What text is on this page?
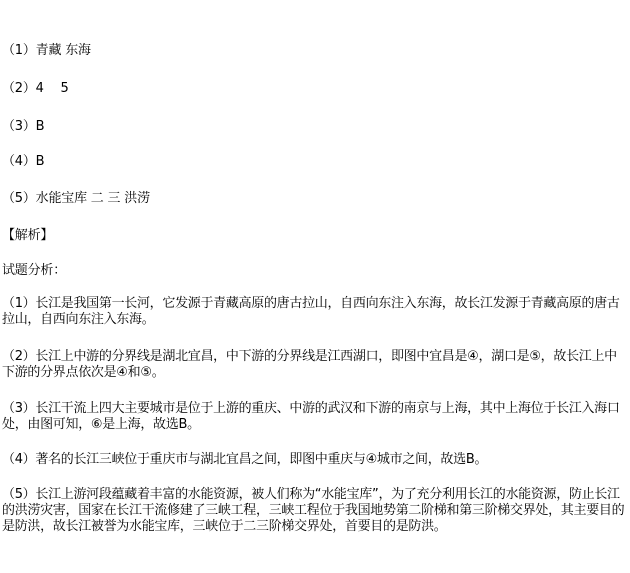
（1）青藏 东海
（2）4　 5
（3）B
（4）B
（5）水能宝库 二 三 洪涝
【解析】
试题分析：
（1）长江是我国第一长河，它发源于青藏高原的唐古拉山，自西向东注入东海，故长江发源于青藏高原的唐古拉山，自西向东注入东海。
（2）长江上中游的分界线是湖北宜昌，中下游的分界线是江西湖口，即图中宜昌是④，湖口是⑤，故长江上中下游的分界点依次是④和⑤。
（3）长江干流上四大主要城市是位于上游的重庆、中游的武汉和下游的南京与上海，其中上海位于长江入海口处，由图可知，⑥是上海，故选B。
（4）著名的长江三峡位于重庆市与湖北宜昌之间，即图中重庆与④城市之间，故选B。
（5）长江上游河段蕴藏着丰富的水能资源，被人们称为“水能宝库”，为了充分利用长江的水能资源，防止长江的洪涝灾害，国家在长江干流修建了三峡工程，三峡工程位于我国地势第二阶梯和第三阶梯交界处，其主要目的是防洪，故长江被誉为水能宝库，三峡位于二三阶梯交界处，首要目的是防洪。
